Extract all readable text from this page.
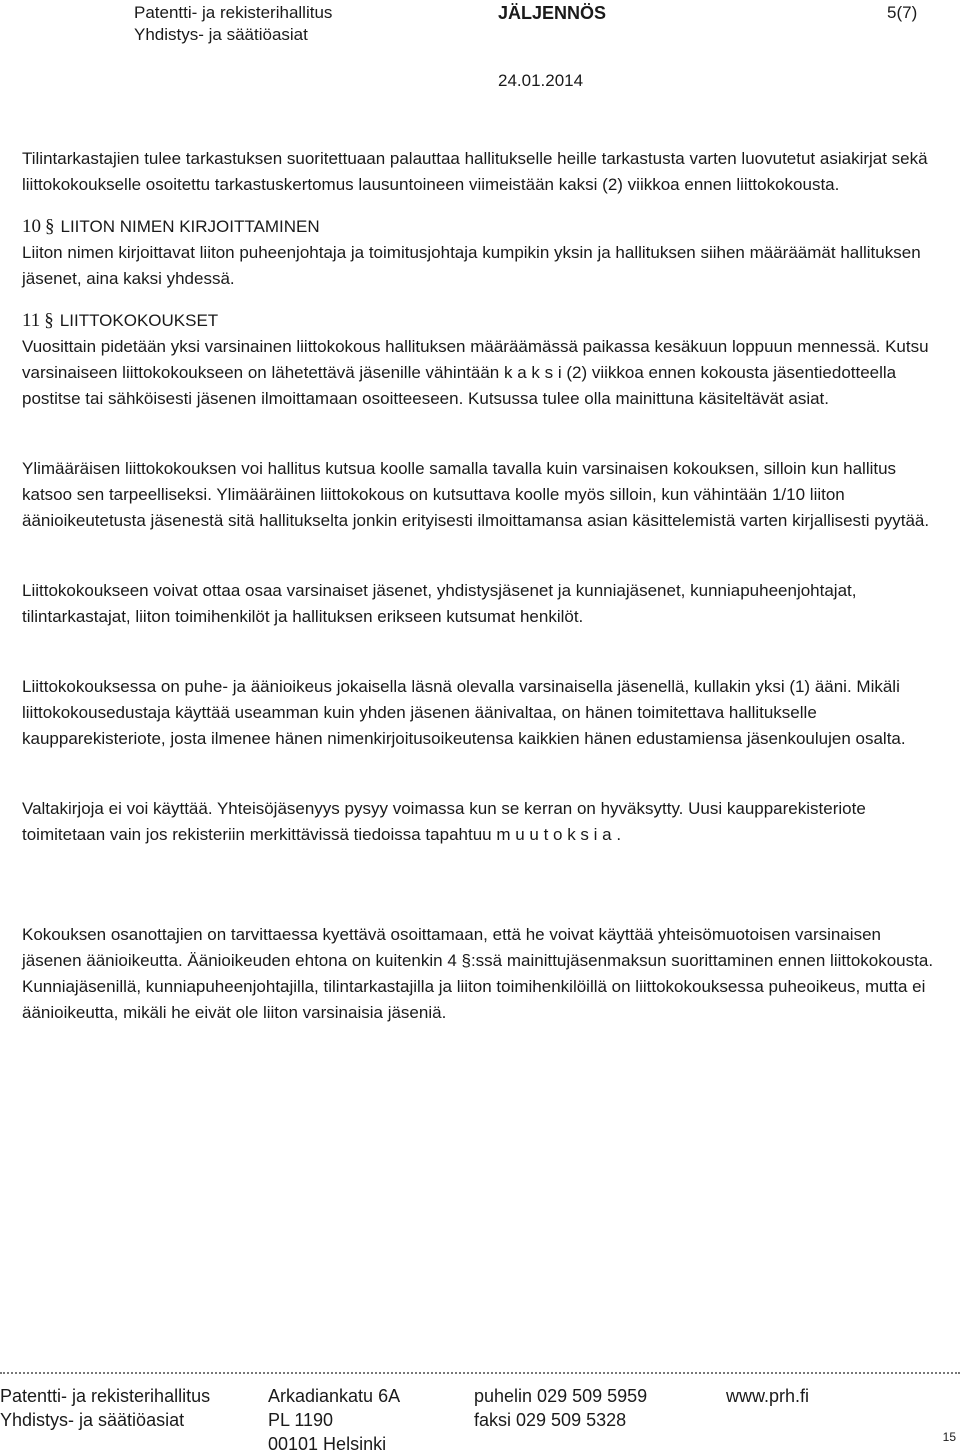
Patentti- ja rekisterihallitus
Yhdistys- ja säätiöasiat
JÄLJENNÖS	5(7)
24.01.2014

Tilintarkastajien tulee tarkastuksen suoritettuaan palauttaa hallitukselle heille tarkastusta varten luovutetut asiakirjat sekä liittokokoukselle osoitettu tarkastuskertomus lausuntoineen viimeistään kaksi (2) viikkoa ennen liittokokousta.

10 § LIITON NIMEN KIRJOITTAMINEN

Liiton nimen kirjoittavat liiton puheenjohtaja ja toimitusjohtaja kumpikin yksin ja hallituksen siihen määräämät hallituksen jäsenet, aina kaksi yhdessä.

11 § LIITTOKOKOUKSET

Vuosittain pidetään yksi varsinainen liittokokous hallituksen määräämässä paikassa kesäkuun loppuun mennessä. Kutsu varsinaiseen liittokokoukseen on lähetettävä jäsenille vähintään k a k s i (2) viikkoa ennen kokousta jäsentiedotteella postitse tai sähköisesti jäsenen ilmoittamaan osoitteeseen. Kutsussa tulee olla mainittuna käsiteltävät asiat.

Ylimääräisen liittokokouksen voi hallitus kutsua koolle samalla tavalla kuin varsinaisen kokouksen, silloin kun hallitus katsoo sen tarpeelliseksi. Ylimääräinen liittokokous on kutsuttava koolle myös silloin, kun vähintään 1/10 liiton äänioikeutetusta jäsenestä sitä hallitukselta jonkin erityisesti ilmoittamansa asian käsittelemistä varten kirjallisesti pyytää.

Liittokokoukseen voivat ottaa osaa varsinaiset jäsenet, yhdistysjäsenet ja kunniajäsenet, kunniapuheenjohtajat, tilintarkastajat, liiton toimihenkilöt ja hallituksen erikseen kutsumat henkilöt.

Liittokokouksessa on puhe- ja äänioikeus jokaisella läsnä olevalla varsinaisella jäsenellä, kullakin yksi (1) ääni. Mikäli liittokokousedustaja käyttää useamman kuin yhden jäsenen äänivaltaa, on hänen toimitettava hallitukselle kaupparekisteriote, josta ilmenee hänen nimenkirjoitusoikeutensa kaikkien hänen edustamiensa jäsenkoulujen osalta.

Valtakirjoja ei voi käyttää. Yhteisöjäsenyys pysyy voimassa kun se kerran on hyväksytty. Uusi kaupparekisteriote toimitetaan vain jos rekisteriin merkittävissä tiedoissa tapahtuu m u u t o k s i a .

Kokouksen osanottajien on tarvittaessa kyettävä osoittamaan, että he voivat käyttää yhteisömuotoisen varsinaisen jäsenen äänioikeutta. Äänioikeuden ehtona on kuitenkin 4 §:ssä mainittujäsenmaksun suorittaminen ennen liittokokousta. Kunniajäsenillä, kunniapuheenjohtajilla, tilintarkastajilla ja liiton toimihenkilöillä on liittokokouksessa puheoikeus, mutta ei äänioikeutta, mikäli he eivät ole liiton varsinaisia jäseniä.

Patentti- ja rekisterihallitus
Yhdistys- ja säätiöasiat
Arkadiankatu 6A
PL 1190
00101 Helsinki
puhelin 029 509 5959
faksi 029 509 5328
www.prh.fi
15
